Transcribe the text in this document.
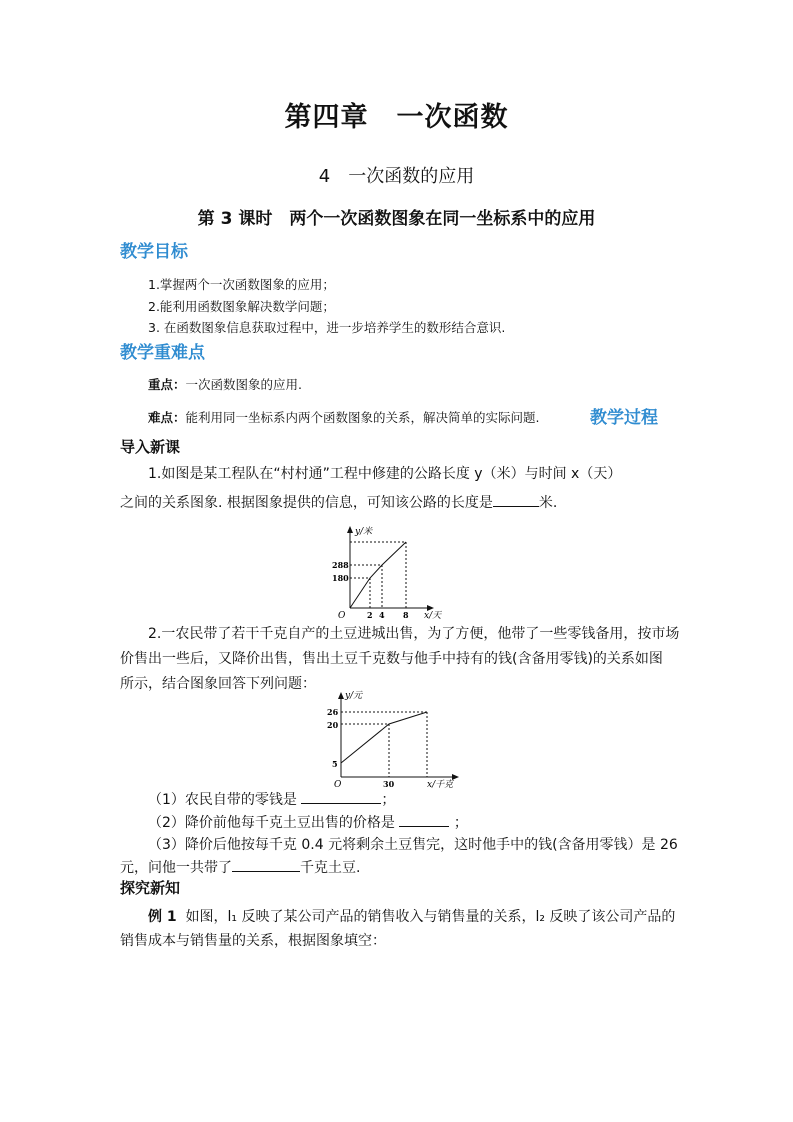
第四章　一次函数
4　一次函数的应用
第 3 课时　两个一次函数图象在同一坐标系中的应用
教学目标
1.掌握两个一次函数图象的应用；
2.能利用函数图象解决数学问题；
3. 在函数图象信息获取过程中，进一步培养学生的数形结合意识.
教学重难点
重点：一次函数图象的应用.
难点：能利用同一坐标系内两个函数图象的关系，解决简单的实际问题.	教学过程
导入新课
1.如图是某工程队在“村村通”工程中修建的公路长度 y（米）与时间 x（天）
之间的关系图象. 根据图象提供的信息，可知该公路的长度是	米.
y/米
x/天
O
288
180
2 4 8
2.一农民带了若干千克自产的土豆进城出售，为了方便，他带了一些零钱备用，按市场
价售出一些后，又降价出售，售出土豆千克数与他手中持有的钱(含备用零钱)的关系如图
所示，结合图象回答下列问题：
y/元
x/千克
O
26
20
5
30
（1）农民自带的零钱是	；
（2）降价前他每千克土豆出售的价格是	；
（3）降价后他按每千克 0.4 元将剩余土豆售完，这时他手中的钱(含备用零钱）是 26
元，问他一共带了	千克土豆.
探究新知
例 1 如图，l₁ 反映了某公司产品的销售收入与销售量的关系，l₂ 反映了该公司产品的
销售成本与销售量的关系，根据图象填空：
